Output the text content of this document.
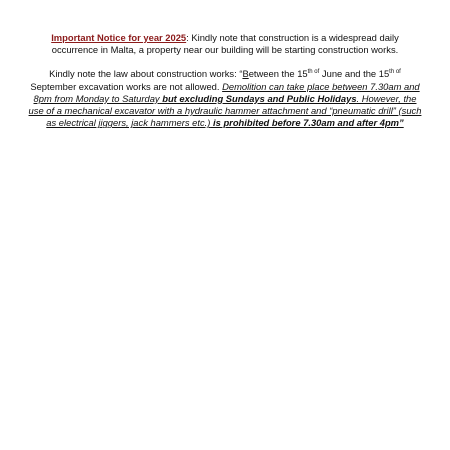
Important Notice for year 2025: Kindly note that construction is a widespread daily occurrence in Malta, a property near our building will be starting construction works.

Kindly note the law about construction works: “Between the $15^{th of}$ June and the $15^{th of}$ September excavation works are not allowed. Demolition can take place between 7.30am and 8pm from Monday to Saturday but excluding Sundays and Public Holidays. However, the use of a mechanical excavator with a hydraulic hammer attachment and “pneumatic drill” (such as electrical jiggers, jack hammers etc.) is prohibited before 7.30am and after 4pm”
